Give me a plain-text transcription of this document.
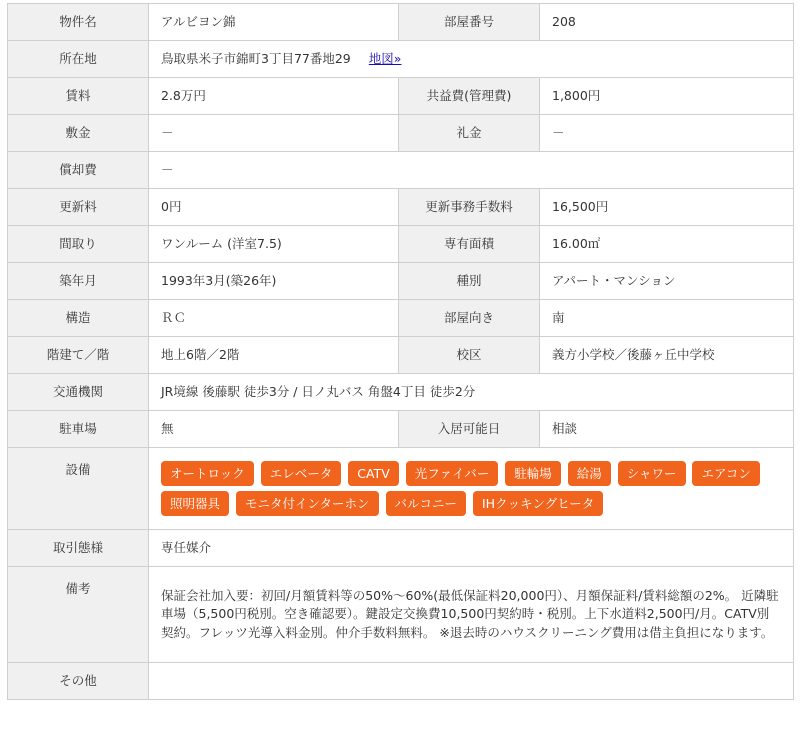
物件名	アルビヨン錦	部屋番号	208
所在地	鳥取県米子市錦町3丁目77番地29 地図»		
賃料	2.8万円	共益費(管理費)	1,800円
敷金	－	礼金	－
償却費	－		
更新料	0円	更新事務手数料	16,500円
間取り	ワンルーム (洋室7.5)	専有面積	16.00㎡
築年月	1993年3月(築26年)	種別	アパート・マンション
構造	ＲＣ	部屋向き	南
階建て／階	地上6階／2階	校区	義方小学校／後藤ヶ丘中学校
交通機関	JR境線 後藤駅 徒歩3分 / 日ノ丸バス 角盤4丁目 徒歩2分		
駐車場	無	入居可能日	相談
設備	オートロック エレベータ CATV 光ファイバー 駐輪場 給湯 シャワー エアコン 照明器具 モニタ付インターホン バルコニー IHクッキングヒータ		
取引態様	専任媒介		
備考	保証会社加入要：初回/月額賃料等の50%～60%(最低保証料20,000円）、月額保証料/賃料総額の2%。 近隣駐車場（5,500円税別。空き確認要）。鍵設定交換費10,500円契約時・税別。上下水道料2,500円/月。CATV別契約。フレッツ光導入料金別。仲介手数料無料。 ※退去時のハウスクリーニング費用は借主負担になります。		
その他			
